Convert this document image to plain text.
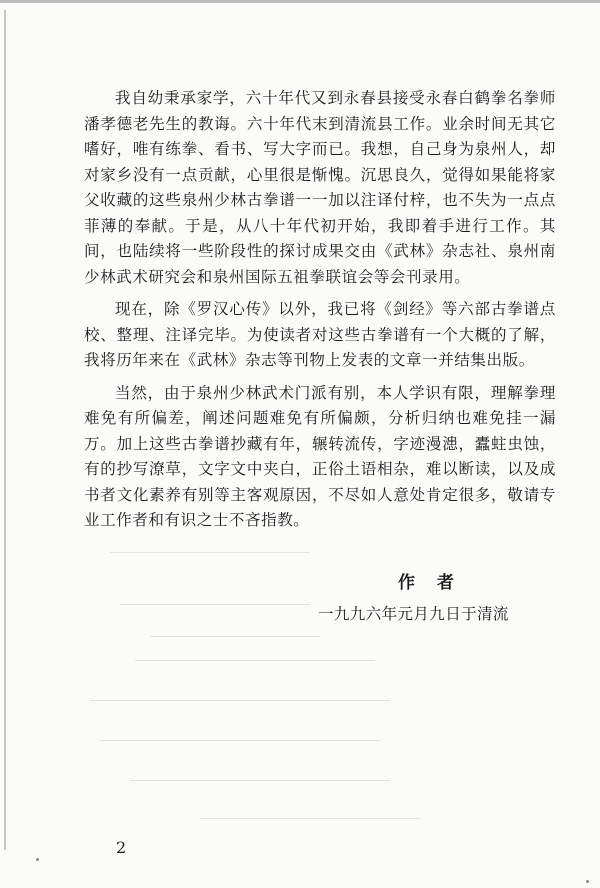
我自幼秉承家学，六十年代又到永春县接受永春白鹤拳名拳师潘孝德老先生的教诲。六十年代末到清流县工作。业余时间无其它嗜好，唯有练拳、看书、写大字而已。我想，自己身为泉州人，却对家乡没有一点贡献，心里很是惭愧。沉思良久，觉得如果能将家父收藏的这些泉州少林古拳谱一一加以注译付梓，也不失为一点点菲薄的奉献。于是，从八十年代初开始，我即着手进行工作。其间，也陆续将一些阶段性的探讨成果交由《武林》杂志社、泉州南少林武术研究会和泉州国际五祖拳联谊会等会刊录用。

现在，除《罗汉心传》以外，我已将《剑经》等六部古拳谱点校、整理、注译完毕。为使读者对这些古拳谱有一个大概的了解，我将历年来在《武林》杂志等刊物上发表的文章一并结集出版。

当然，由于泉州少林武术门派有别，本人学识有限，理解拳理难免有所偏差，阐述问题难免有所偏颇，分析归纳也难免挂一漏万。加上这些古拳谱抄藏有年，辗转流传，字迹漫漶，蠹蛀虫蚀，有的抄写潦草，文字文中夹白，正俗土语相杂，难以断读，以及成书者文化素养有别等主客观原因，不尽如人意处肯定很多，敬请专业工作者和有识之士不吝指教。

作 者
一九九六年元月九日于清流
2
